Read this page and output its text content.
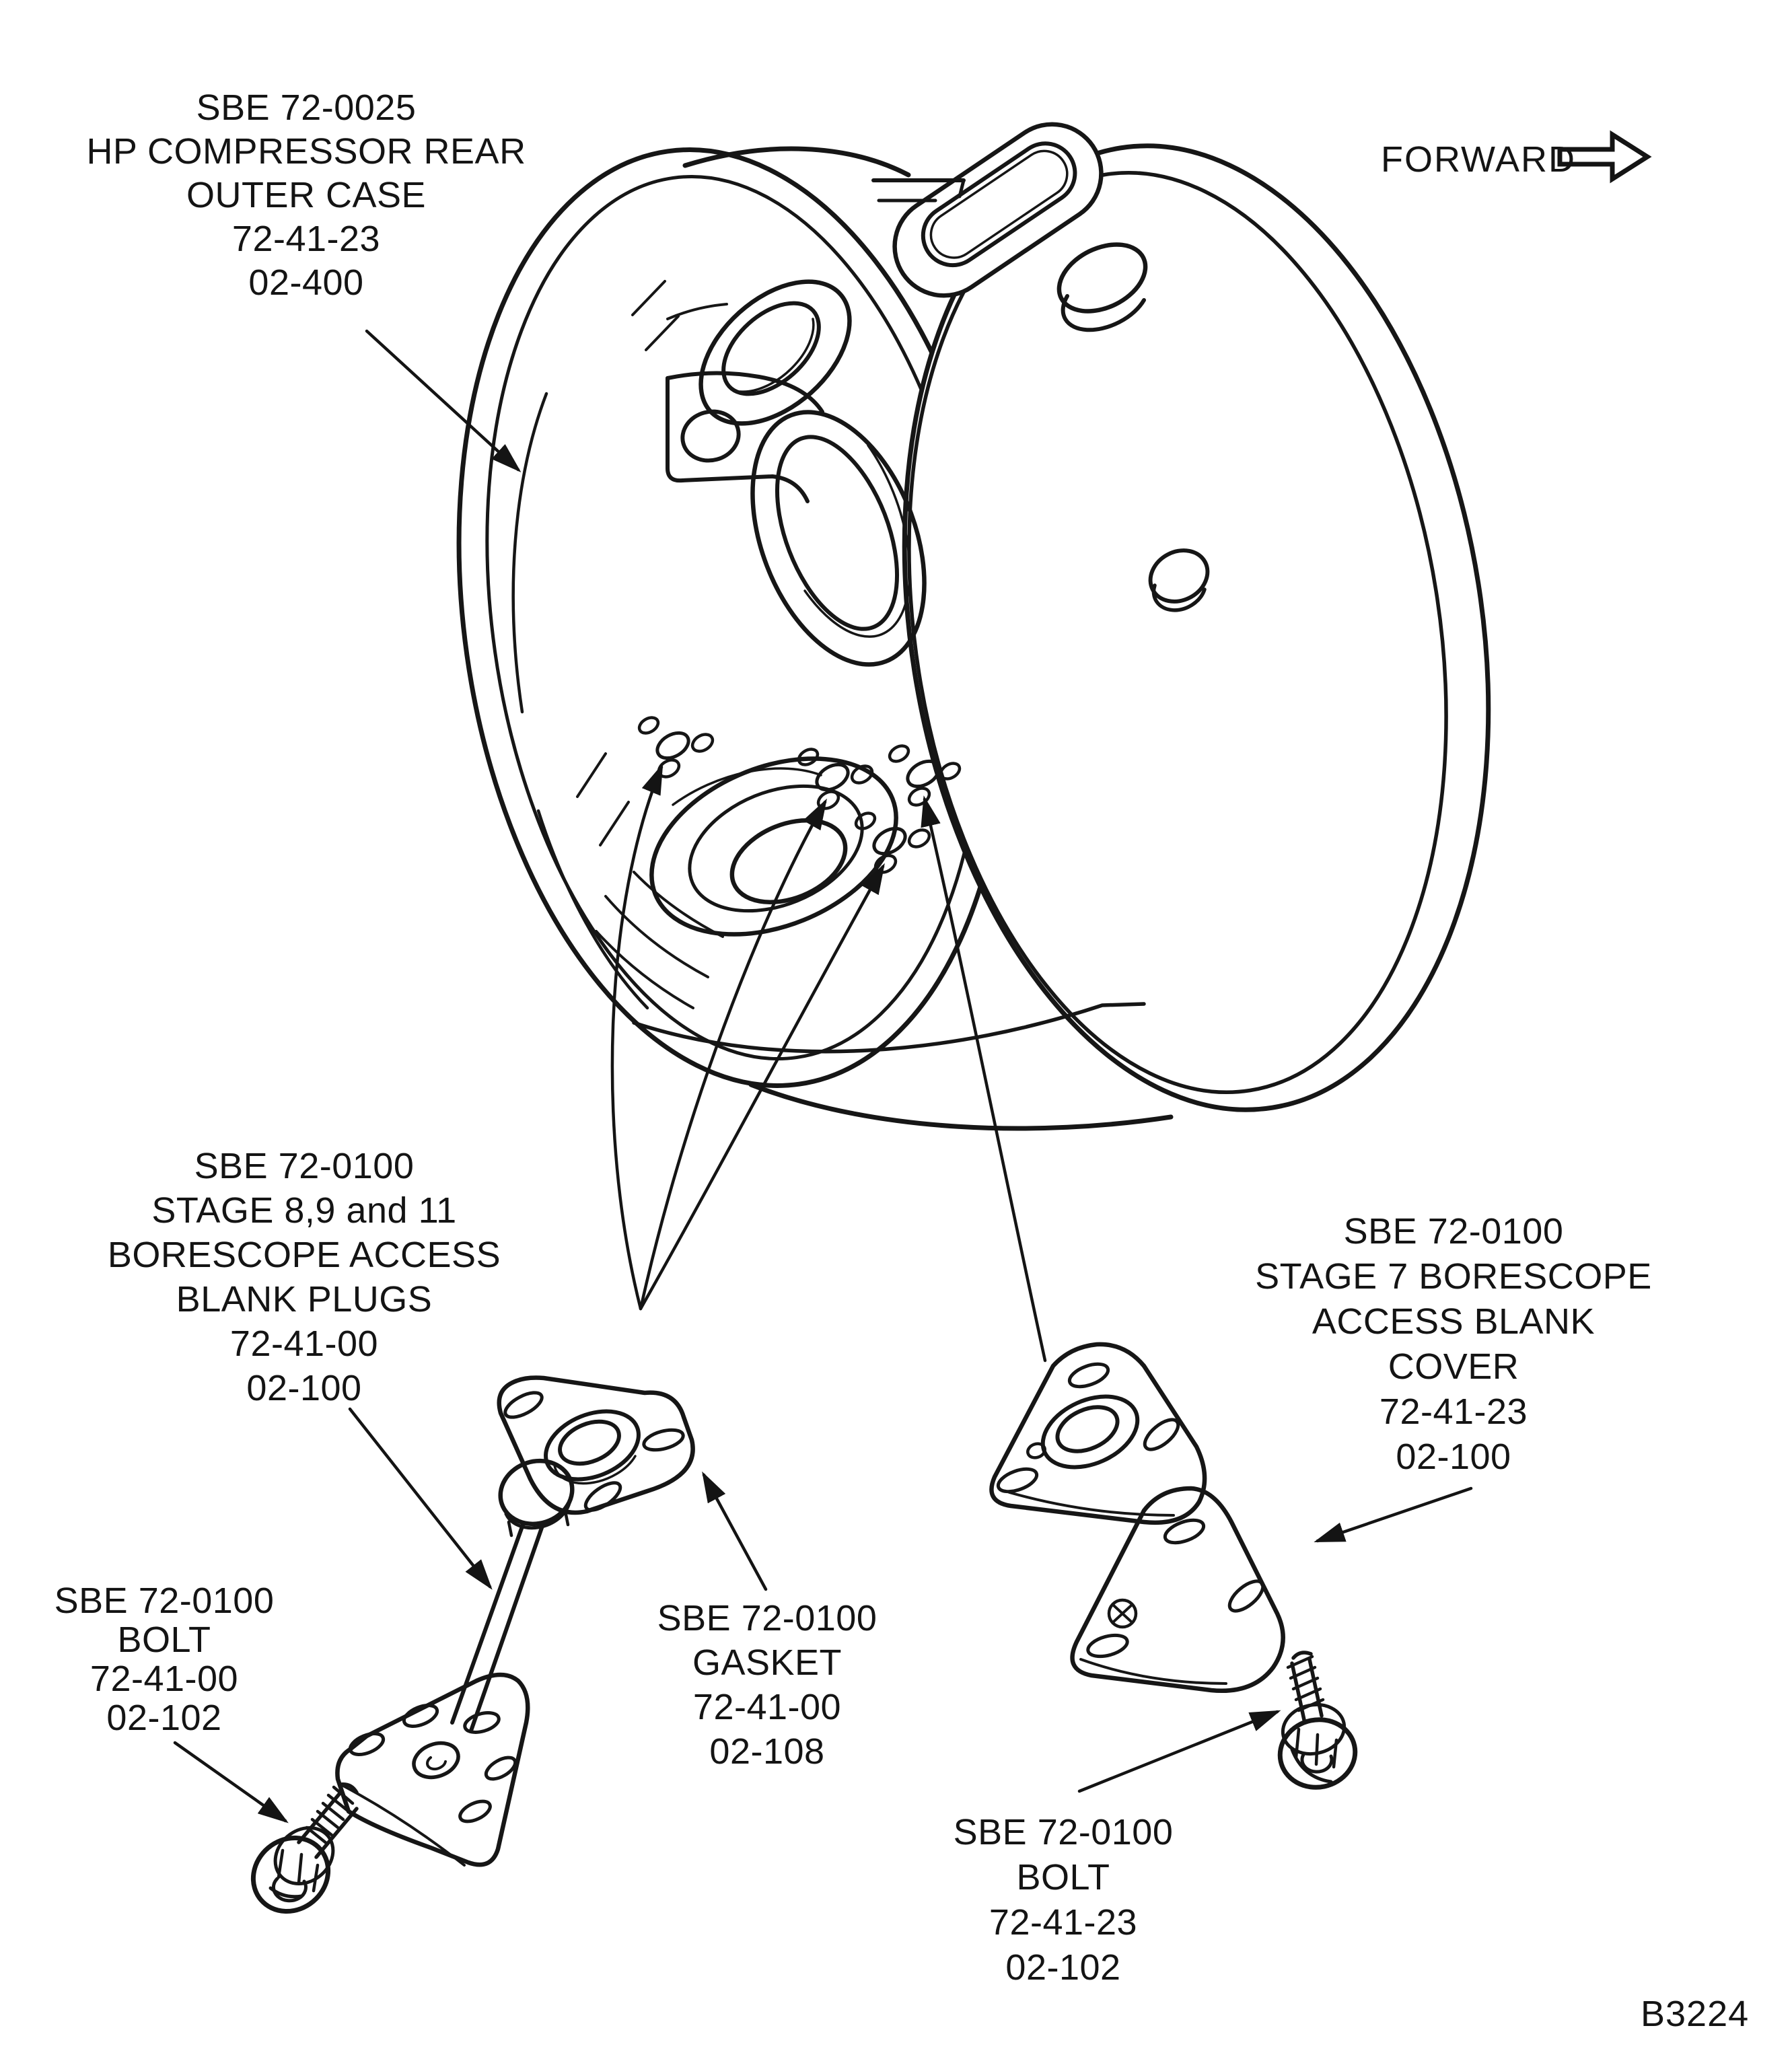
SBE 72-0025
HP COMPRESSOR REAR
OUTER CASE
72-41-23
02-400
SBE 72-0100
STAGE 8,9 and 11
BORESCOPE ACCESS
BLANK PLUGS
72-41-00
02-100
SBE 72-0100
STAGE 7 BORESCOPE
ACCESS BLANK
COVER
72-41-23
02-100
SBE 72-0100
BOLT
72-41-00
02-102
SBE 72-0100
GASKET
72-41-00
02-108
SBE 72-0100
BOLT
72-41-23
02-102
FORWARD
B3224
